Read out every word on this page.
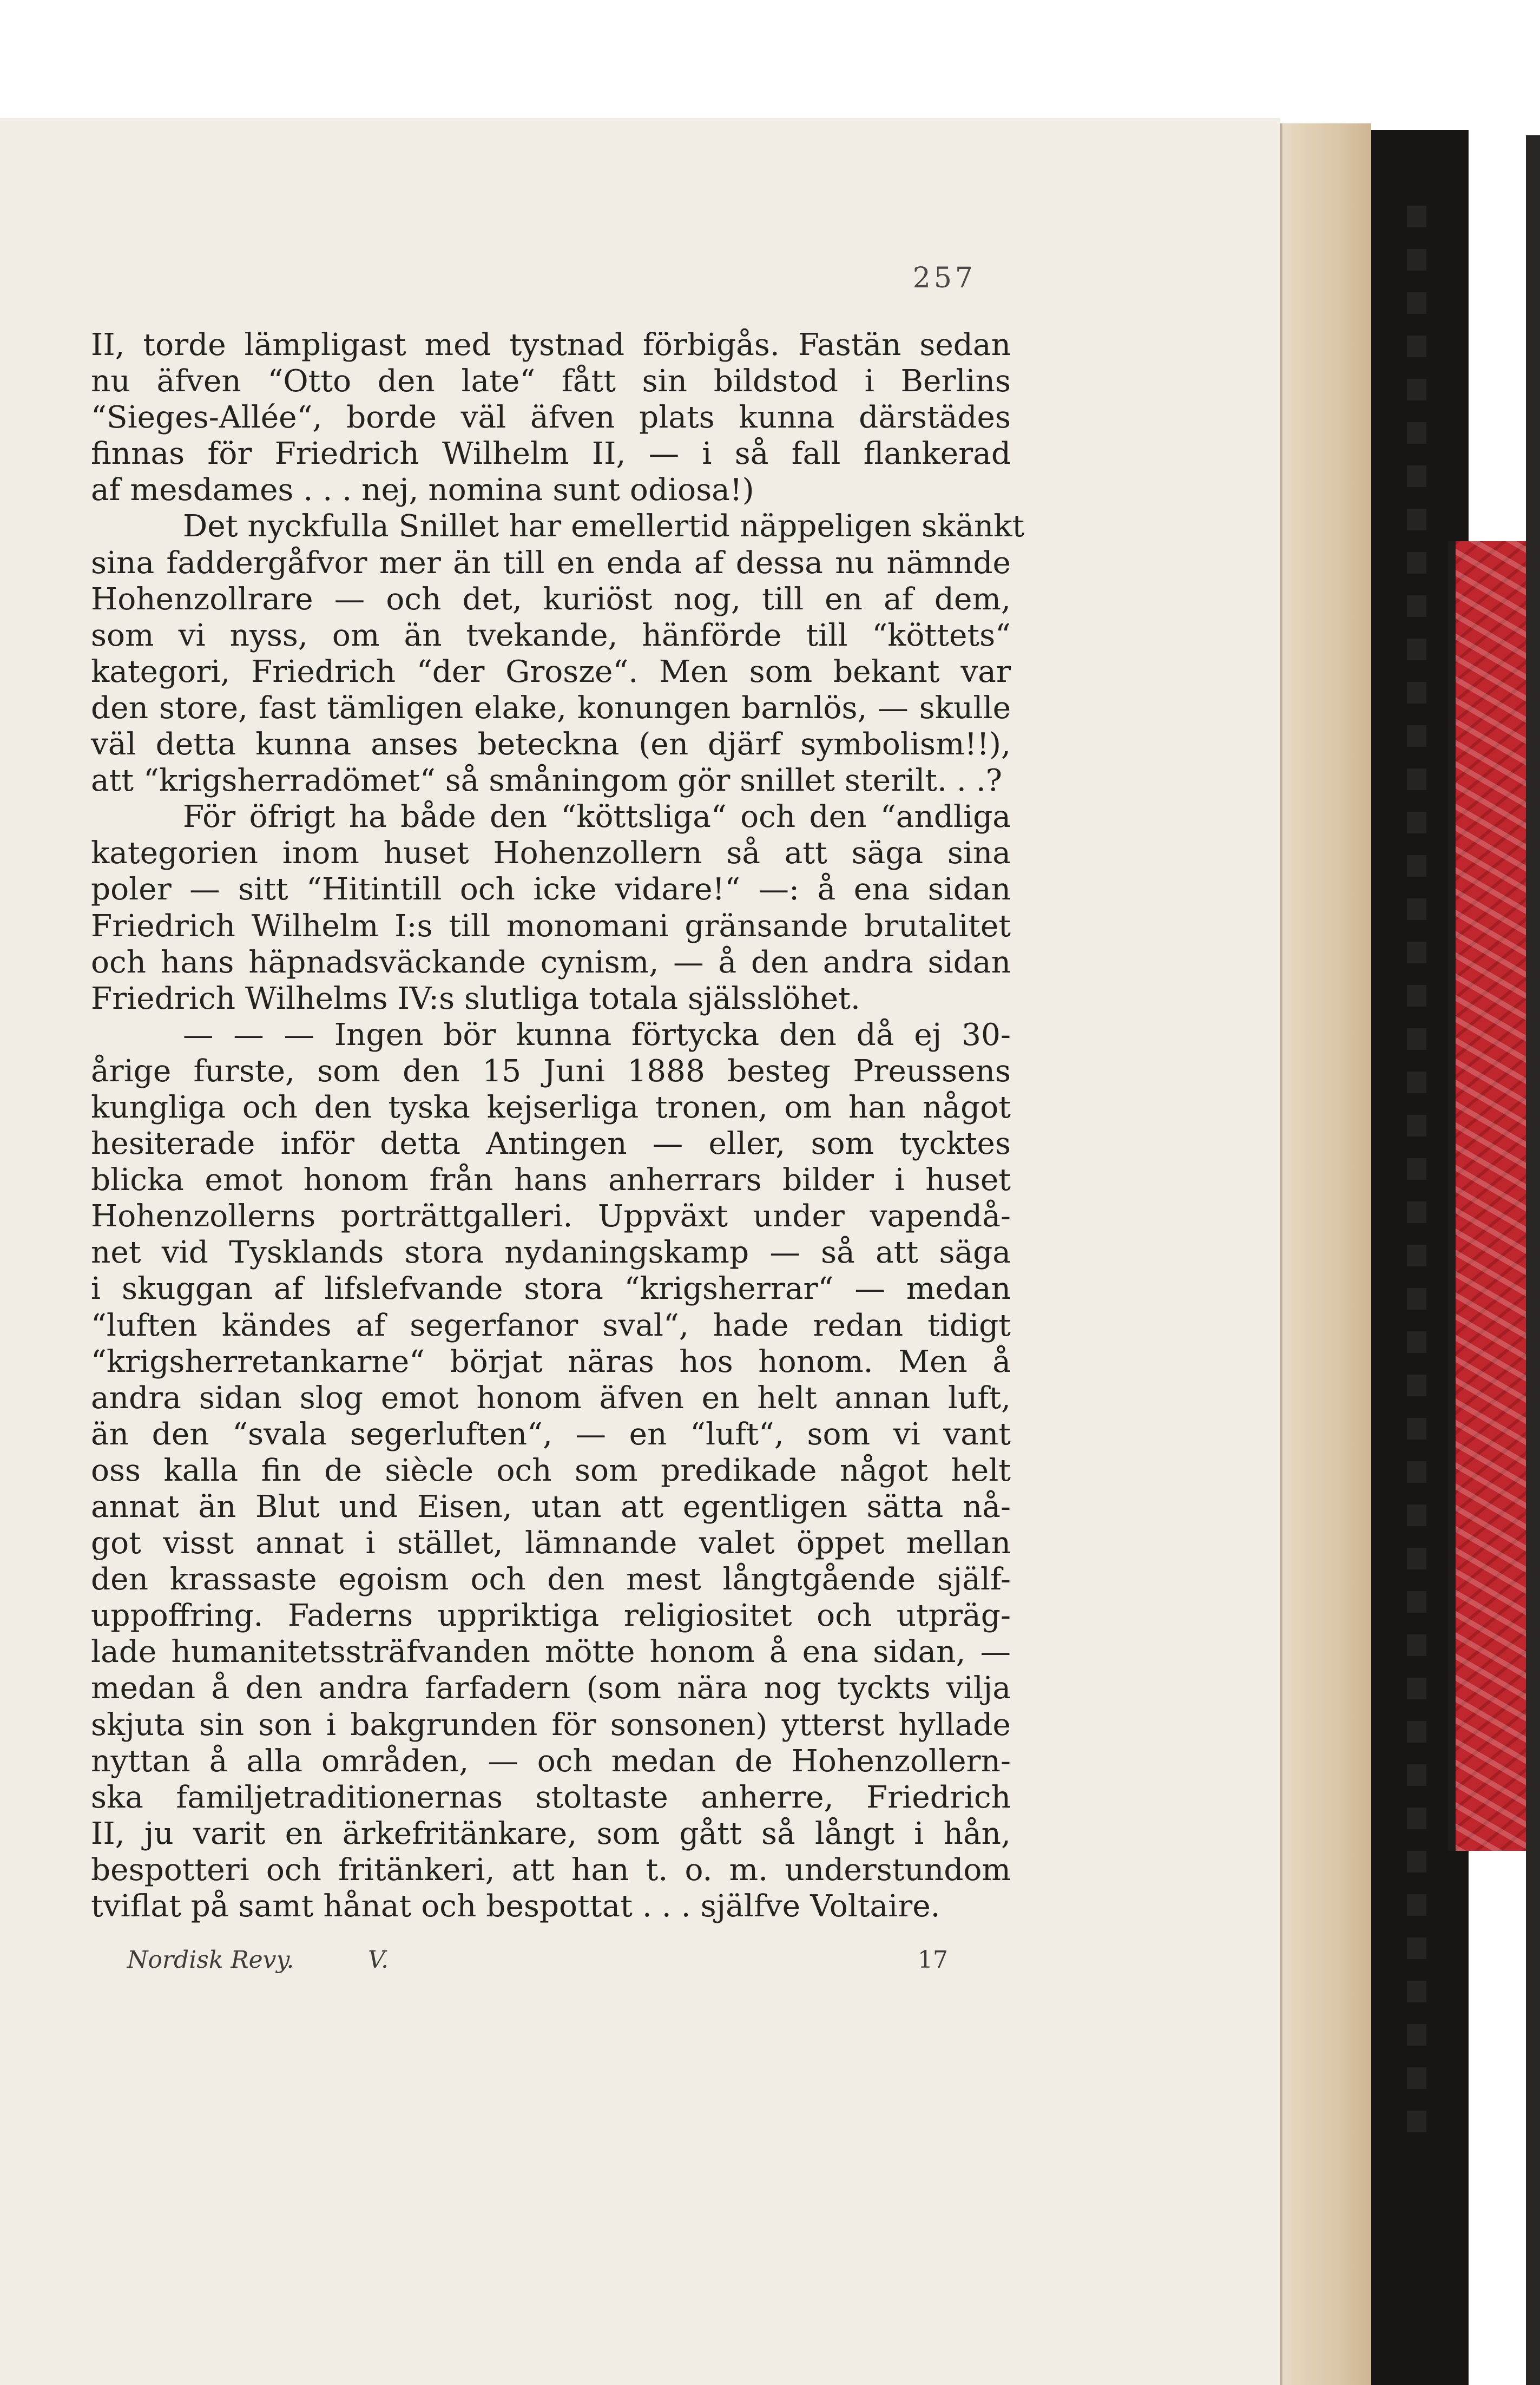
257
II, torde lämpligast med tystnad förbigås. Fastän sedan
nu äfven “Otto den late“ fått sin bildstod i Berlins
“Sieges-Allée“, borde väl äfven plats kunna därstädes
finnas för Friedrich Wilhelm II, — i så fall flankerad
af mesdames . . . nej, nomina sunt odiosa!)
Det nyckfulla Snillet har emellertid näppeligen skänkt
sina faddergåfvor mer än till en enda af dessa nu nämnde
Hohenzollrare — och det, kuriöst nog, till en af dem,
som vi nyss, om än tvekande, hänförde till “köttets“
kategori, Friedrich “der Grosze“. Men som bekant var
den store, fast tämligen elake, konungen barnlös, — skulle
väl detta kunna anses beteckna (en djärf symbolism!!),
att “krigsherradömet“ så småningom gör snillet sterilt. . .?
För öfrigt ha både den “köttsliga“ och den “andliga
kategorien inom huset Hohenzollern så att säga sina
poler — sitt “Hitintill och icke vidare!“ —: å ena sidan
Friedrich Wilhelm I:s till monomani gränsande brutalitet
och hans häpnadsväckande cynism, — å den andra sidan
Friedrich Wilhelms IV:s slutliga totala själsslöhet.
— — — Ingen bör kunna förtycka den då ej 30-
årige furste, som den 15 Juni 1888 besteg Preussens
kungliga och den tyska kejserliga tronen, om han något
hesiterade inför detta Antingen — eller, som tycktes
blicka emot honom från hans anherrars bilder i huset
Hohenzollerns porträttgalleri. Uppväxt under vapendå-
net vid Tysklands stora nydaningskamp — så att säga
i skuggan af lifslefvande stora “krigsherrar“ — medan
“luften kändes af segerfanor sval“, hade redan tidigt
“krigsherretankarne“ börjat näras hos honom. Men å
andra sidan slog emot honom äfven en helt annan luft,
än den “svala segerluften“, — en “luft“, som vi vant
oss kalla fin de siècle och som predikade något helt
annat än Blut und Eisen, utan att egentligen sätta nå-
got visst annat i stället, lämnande valet öppet mellan
den krassaste egoism och den mest långtgående själf-
uppoffring. Faderns uppriktiga religiositet och utpräg-
lade humanitetssträfvanden mötte honom å ena sidan, —
medan å den andra farfadern (som nära nog tyckts vilja
skjuta sin son i bakgrunden för sonsonen) ytterst hyllade
nyttan å alla områden, — och medan de Hohenzollern-
ska familjetraditionernas stoltaste anherre, Friedrich
II, ju varit en ärkefritänkare, som gått så långt i hån,
bespotteri och fritänkeri, att han t. o. m. understundom
tviflat på samt hånat och bespottat . . . själfve Voltaire.
Nordisk Revy.	V.	17
